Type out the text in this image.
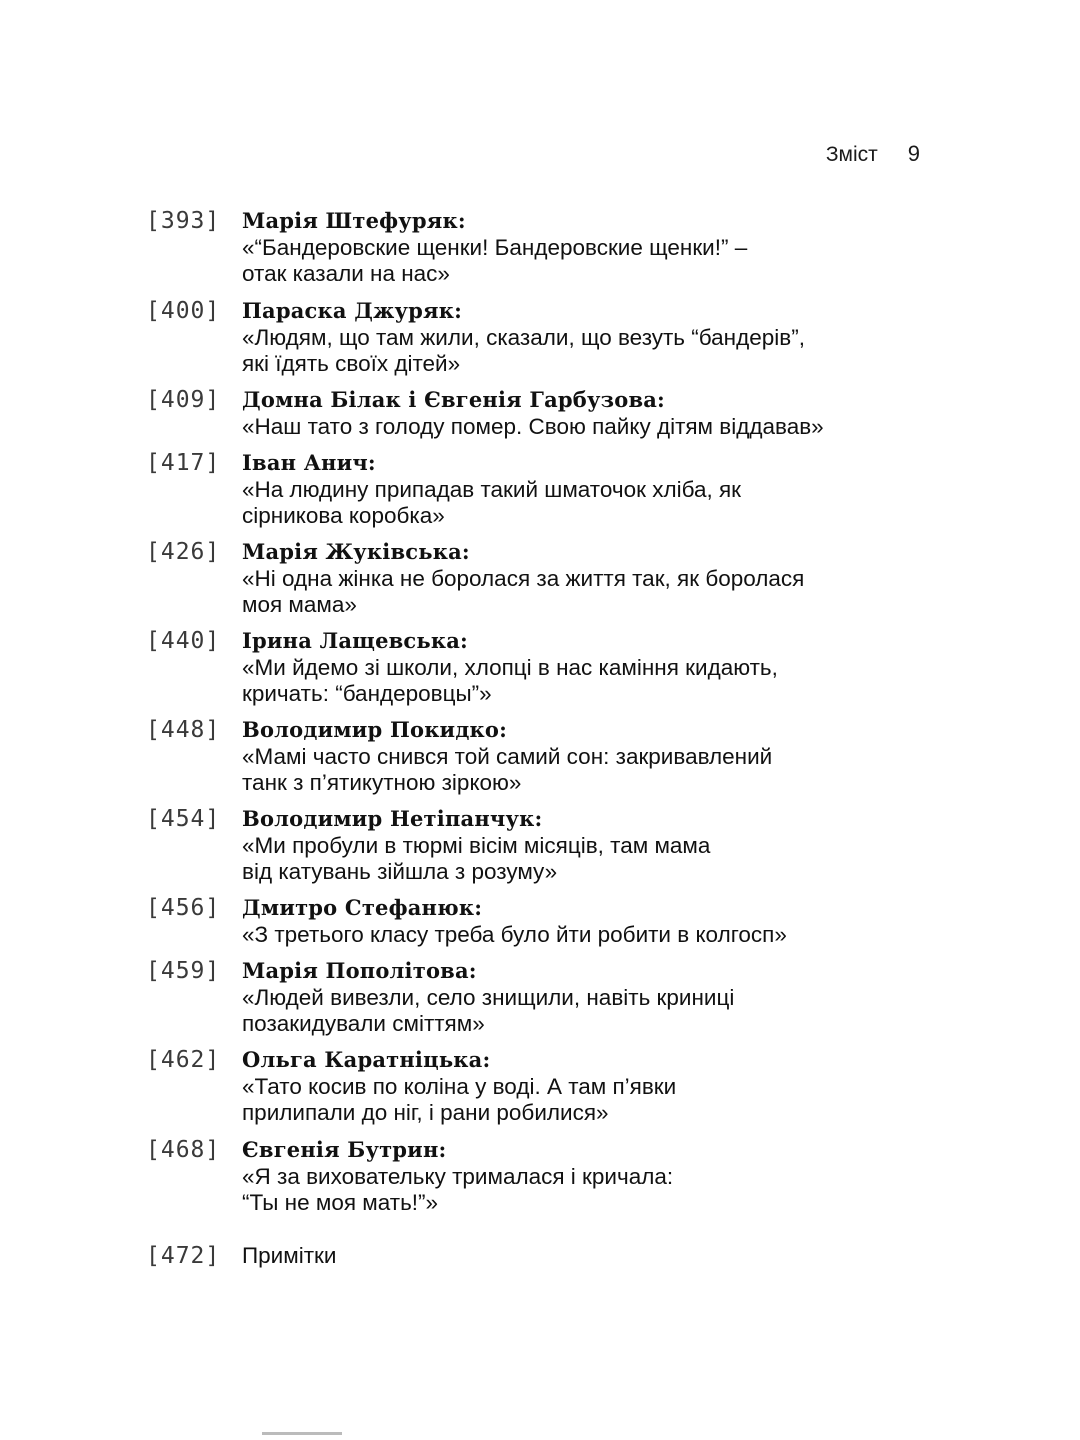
Зміст 9
[393]	Марія Штефуряк:
«“Бандеровские щенки! Бандеровские щенки!” –
отак казали на нас»
[400]	Параска Джуряк:
«Людям, що там жили, сказали, що везуть “бандерів”,
які їдять своїх дітей»
[409]	Домна Білак і Євгенія Гарбузова:
«Наш тато з голоду помер. Свою пайку дітям віддавав»
[417]	Іван Анич:
«На людину припадав такий шматочок хліба, як
сірникова коробка»
[426]	Марія Жуківська:
«Ні одна жінка не боролася за життя так, як боролася
моя мама»
[440]	Ірина Лащевська:
«Ми йдемо зі школи, хлопці в нас каміння кидають,
кричать: “бандеровцы”»
[448]	Володимир Покидко:
«Мамі часто снився той самий сон: закривавлений
танк з п’ятикутною зіркою»
[454]	Володимир Нетіпанчук:
«Ми пробули в тюрмі вісім місяців, там мама
від катувань зійшла з розуму»
[456]	Дмитро Стефанюк:
«З третього класу треба було йти робити в колгосп»
[459]	Марія Пополітова:
«Людей вивезли, село знищили, навіть криниці
позакидували сміттям»
[462]	Ольга Каратніцька:
«Тато косив по коліна у воді. А там п’явки
прилипали до ніг, і рани робилися»
[468]	Євгенія Бутрин:
«Я за виховательку трималася і кричала:
“Ты не моя мать!”»
[472] Примітки
